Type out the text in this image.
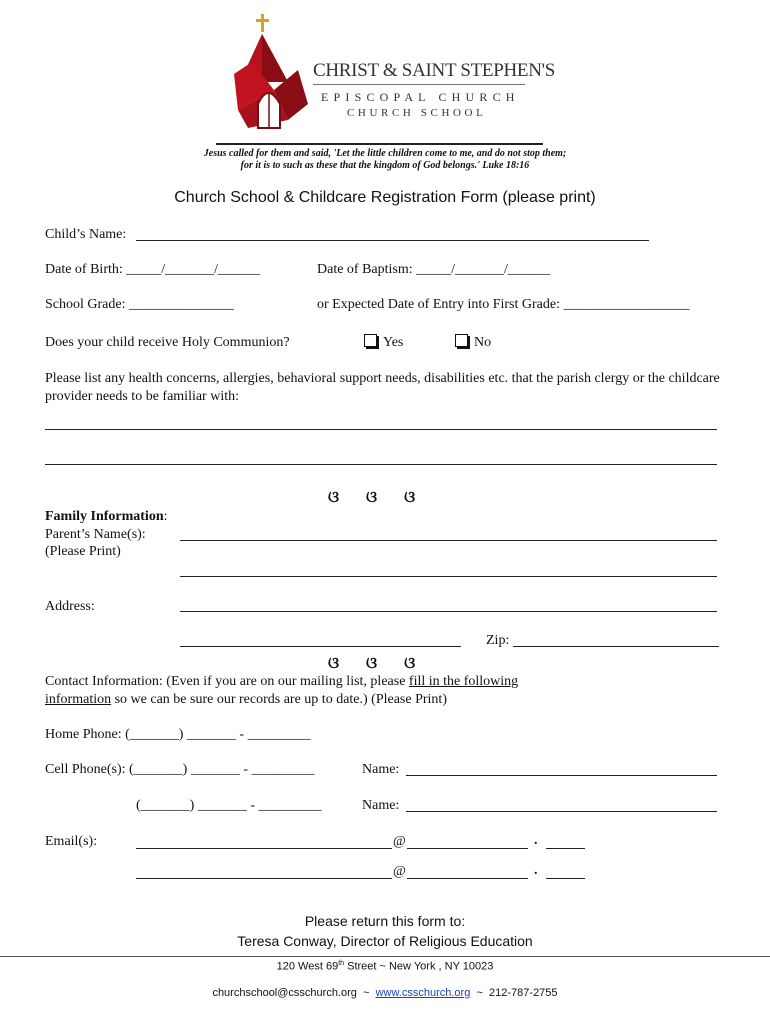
CHRIST & SAINT STEPHEN'S
EPISCOPAL CHURCH
CHURCH SCHOOL
Jesus called for them and said, 'Let the little children come to me, and do not stop them;
for it is to such as these that the kingdom of God belongs.' Luke 18:16
Church School & Childcare Registration Form (please print)
Child’s Name:
Date of Birth: _____/_______/______	Date of Baptism: _____/_______/______
School Grade: _______________	or Expected Date of Entry into First Grade: __________________
Does your child receive Holy Communion?	Yes	No
Please list any health concerns, allergies, behavioral support needs, disabilities etc. that the parish clergy or the childcare provider needs to be familiar with:
ଓ ଓ ଓ
Family Information:
Parent’s Name(s):
(Please Print)
Address:
Zip:
ଓ ଓ ଓ
Contact Information: (Even if you are on our mailing list, please fill in the following
information so we can be sure our records are up to date.) (Please Print)
Home Phone: (_______) _______ - _________
Cell Phone(s): (_______) _______ - _________	Name:
(_______) _______ - _________	Name:
Email(s):	@	.
@	.
Please return this form to:
Teresa Conway, Director of Religious Education
120 West 69th Street ~ New York , NY 10023
churchschool@csschurch.org ~ www.csschurch.org ~ 212-787-2755
